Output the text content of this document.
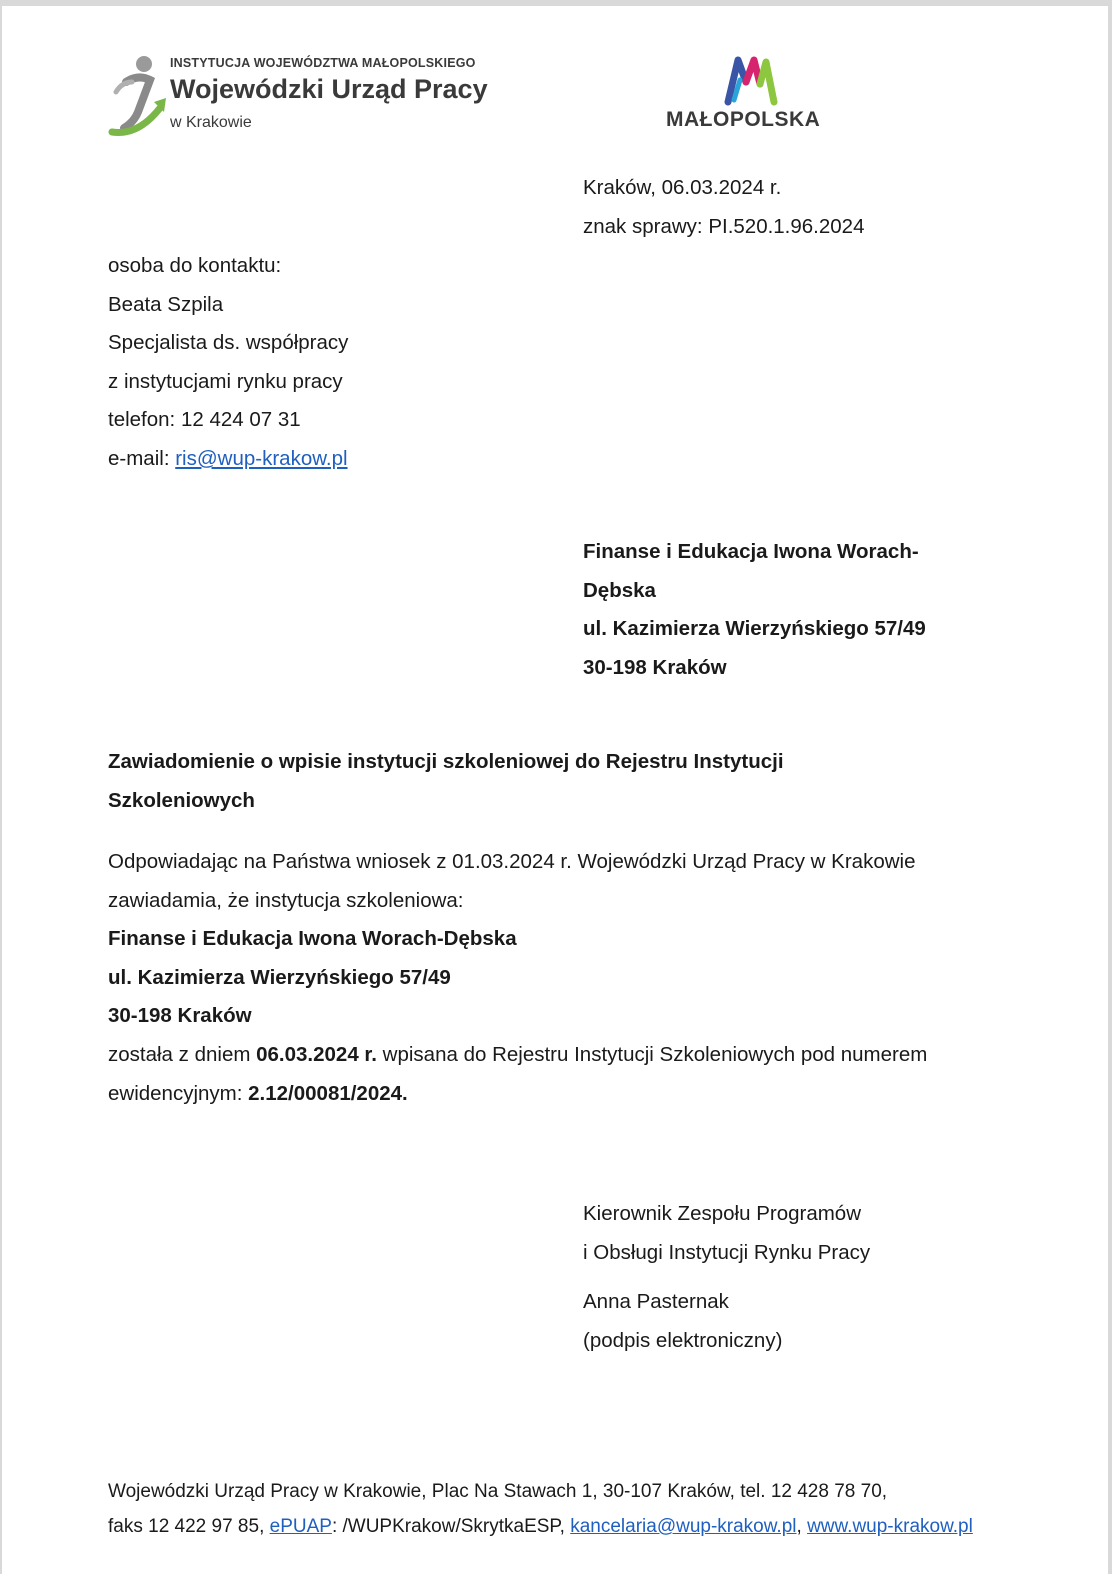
INSTYTUCJA WOJEWÓDZTWA MAŁOPOLSKIEGO
Wojewódzki Urząd Pracy
w Krakowie	MAŁOPOLSKA

Kraków, 06.03.2024 r.

znak sprawy: PI.520.1.96.2024

osoba do kontaktu:

Beata Szpila

Specjalista ds. współpracy

z instytucjami rynku pracy

telefon: 12 424 07 31

e-mail: ris@wup-krakow.pl

Finanse i Edukacja Iwona Worach-

Dębska

ul. Kazimierza Wierzyńskiego 57/49

30-198 Kraków

Zawiadomienie o wpisie instytucji szkoleniowej do Rejestru Instytucji

Szkoleniowych

Odpowiadając na Państwa wniosek z 01.03.2024 r. Wojewódzki Urząd Pracy w Krakowie

zawiadamia, że instytucja szkoleniowa:

Finanse i Edukacja Iwona Worach-Dębska

ul. Kazimierza Wierzyńskiego 57/49

30-198 Kraków

została z dniem 06.03.2024 r. wpisana do Rejestru Instytucji Szkoleniowych pod numerem

ewidencyjnym: 2.12/00081/2024.

Kierownik Zespołu Programów

i Obsługi Instytucji Rynku Pracy

Anna Pasternak

(podpis elektroniczny)

Wojewódzki Urząd Pracy w Krakowie, Plac Na Stawach 1, 30-107 Kraków, tel. 12 428 78 70,

faks 12 422 97 85, ePUAP: /WUPKrakow/SkrytkaESP, kancelaria@wup-krakow.pl, www.wup-krakow.pl
